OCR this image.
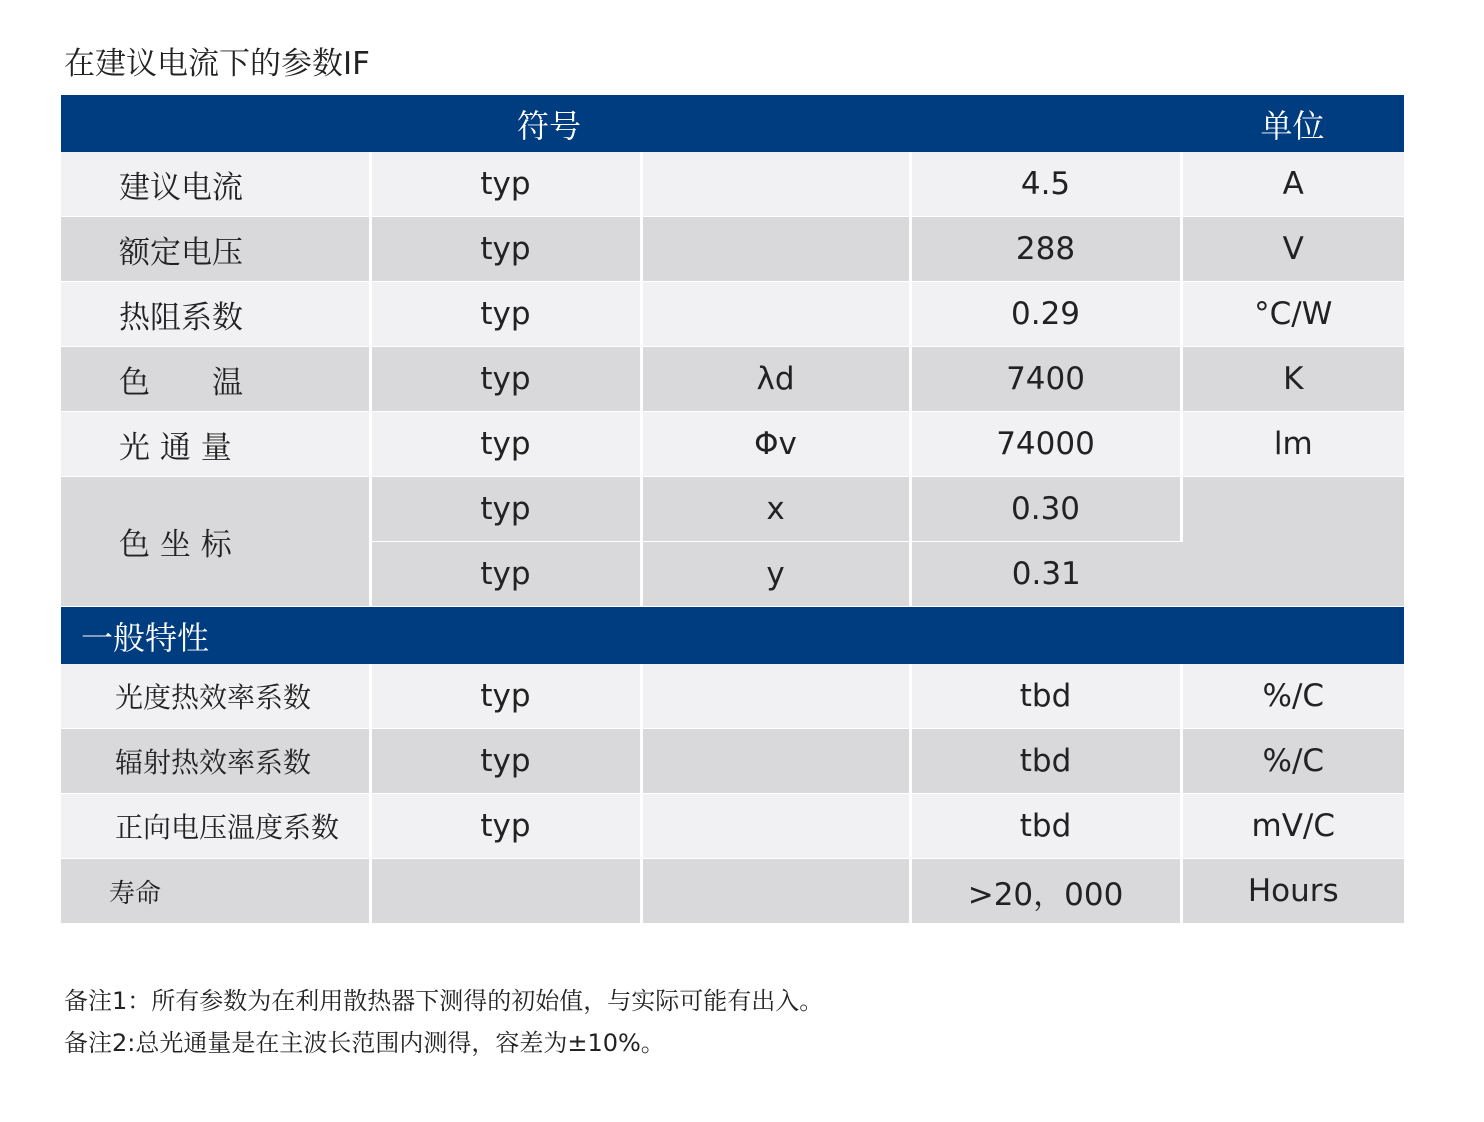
在建议电流下的参数IF
符号				单位
建议电流	typ		4.5	A
额定电压	typ		288	V
热阻系数	typ		0.29	°C/W
色　　温	typ	λd	7400	K
光 通 量	typ	Φv	74000	lm
色 坐 标	typ	x	0.30	
	typ	y	0.31	
一般特性				
光度热效率系数	typ		tbd	%/C
辐射热效率系数	typ		tbd	%/C
正向电压温度系数	typ		tbd	mV/C
寿命			>20，000	Hours
备注1：所有参数为在利用散热器下测得的初始值，与实际可能有出入。
备注2:总光通量是在主波长范围内测得，容差为±10%。
